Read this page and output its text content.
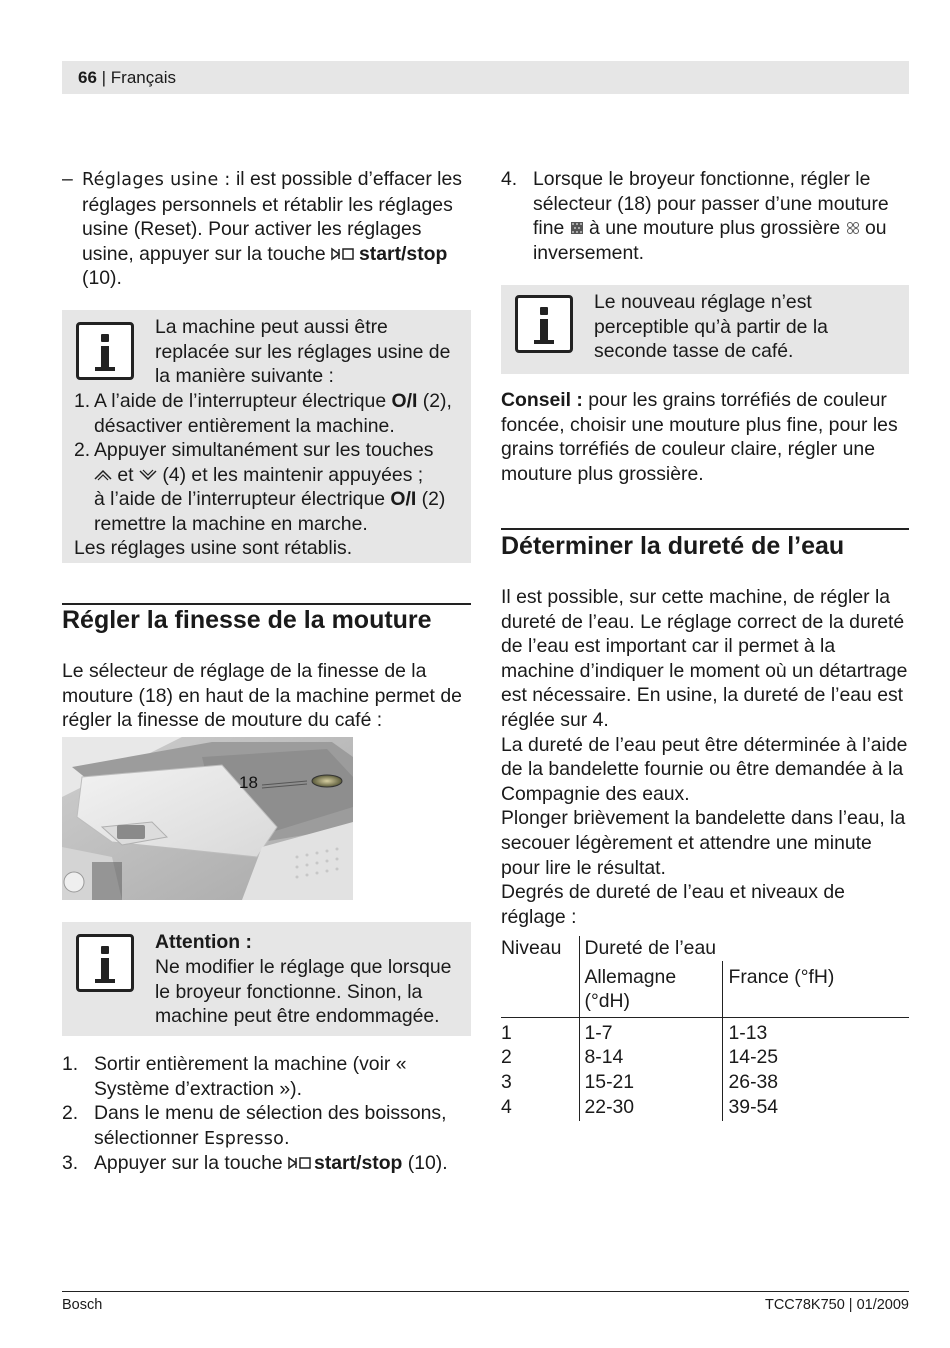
66 | Français
– Réglages usine : il est possible d’effacer les réglages personnels et rétablir les réglages usine (Reset). Pour activer les réglages usine, appuyer sur la touche start/stop (10).
La machine peut aussi être replacée sur les réglages usine de la manière suivante :
1. A l’aide de l’interrupteur électrique O/I (2), désactiver entièrement la machine.
2. Appuyer simultanément sur les touches
et  (4) et les maintenir appuyées ;
à l’aide de l’interrupteur électrique O/I (2)
remettre la machine en marche.
Les réglages usine sont rétablis.
Régler la finesse de la mouture
Le sélecteur de réglage de la finesse de la mouture (18) en haut de la machine permet de régler la finesse de mouture du café :
18
Attention :
Ne modifier le réglage que lorsque le broyeur fonctionne. Sinon, la machine peut être endommagée.
1. Sortir entièrement la machine (voir « Système d’extraction »).
2. Dans le menu de sélection des boissons, sélectionner Espresso.
3. Appuyer sur la touche start/stop (10).
4. Lorsque le broyeur fonctionne, régler le sélecteur (18) pour passer d’une mouture fine  à une mouture plus grossière  ou inversement.
Le nouveau réglage n’est perceptible qu’à partir de la seconde tasse de café.
Conseil : pour les grains torréfiés de couleur foncée, choisir une mouture plus fine, pour les grains torréfiés de couleur claire, régler une mouture plus grossière.
Déterminer la dureté de l’eau
Il est possible, sur cette machine, de régler la dureté de l’eau. Le réglage correct de la dureté de l’eau est important car il permet à la machine d’indiquer le moment où un détartrage est nécessaire. En usine, la dureté de l’eau est réglée sur 4.
La dureté de l’eau peut être déterminée à l’aide de la bandelette fournie ou être demandée à la Compagnie des eaux.
Plonger brièvement la bandelette dans l’eau, la secouer légèrement et attendre une minute pour lire le résultat.
Degrés de dureté de l’eau et niveaux de réglage :
Niveau	Dureté de l’eau	
	Allemagne (°dH)	France (°fH)
1	1-7	1-13
2	8-14	14-25
3	15-21	26-38
4	22-30	39-54
Bosch	TCC78K750 | 01/2009
